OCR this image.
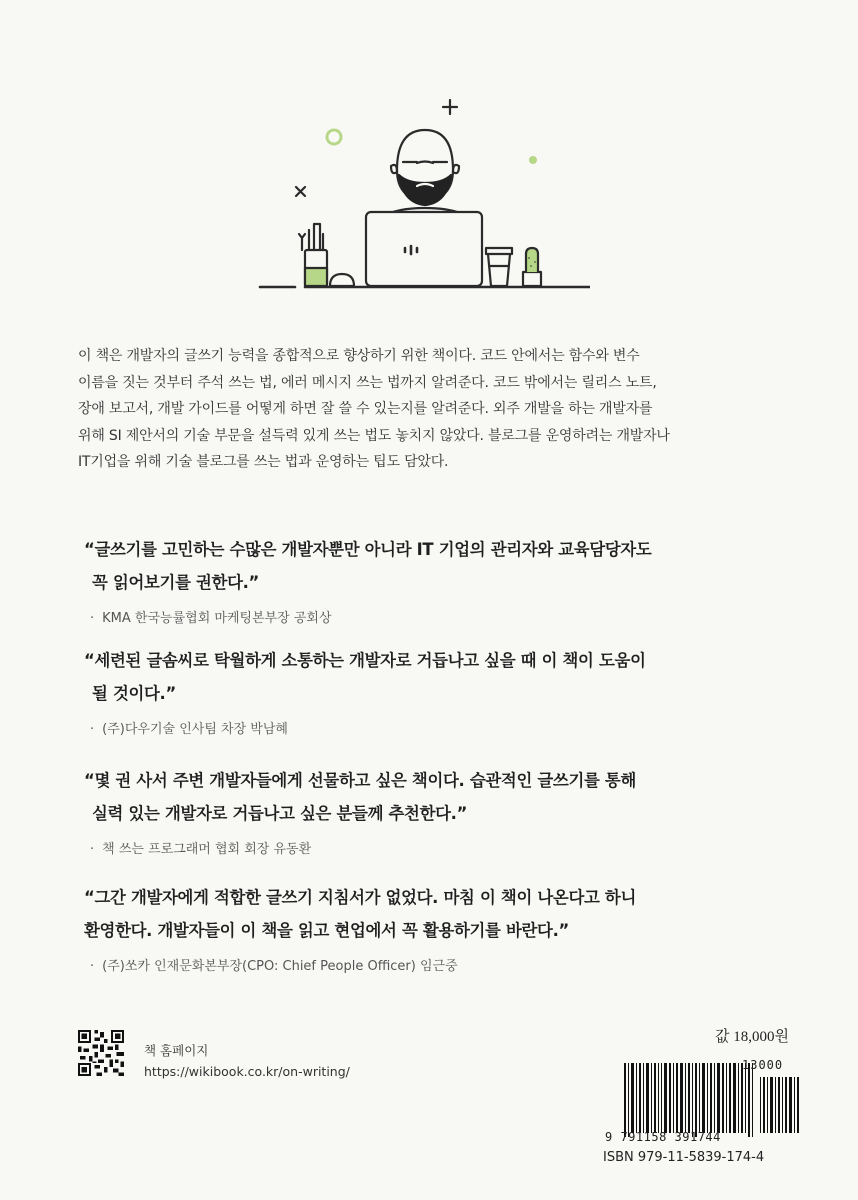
이 책은 개발자의 글쓰기 능력을 종합적으로 향상하기 위한 책이다. 코드 안에서는 함수와 변수
이름을 짓는 것부터 주석 쓰는 법, 에러 메시지 쓰는 법까지 알려준다. 코드 밖에서는 릴리스 노트,
장애 보고서, 개발 가이드를 어떻게 하면 잘 쓸 수 있는지를 알려준다. 외주 개발을 하는 개발자를
위해 SI 제안서의 기술 부문을 설득력 있게 쓰는 법도 놓치지 않았다. 블로그를 운영하려는 개발자나
IT기업을 위해 기술 블로그를 쓰는 법과 운영하는 팁도 담았다.
“글쓰기를 고민하는 수많은 개발자뿐만 아니라 IT 기업의 관리자와 교육담당자도
꼭 읽어보기를 권한다.”
· KMA 한국능률협회 마케팅본부장 공회상
“세련된 글솜씨로 탁월하게 소통하는 개발자로 거듭나고 싶을 때 이 책이 도움이
될 것이다.”
· (주)다우기술 인사팀 차장 박남혜
“몇 권 사서 주변 개발자들에게 선물하고 싶은 책이다. 습관적인 글쓰기를 통해
실력 있는 개발자로 거듭나고 싶은 분들께 추천한다.”
· 책 쓰는 프로그래머 협회 회장 유동환
“그간 개발자에게 적합한 글쓰기 지침서가 없었다. 마침 이 책이 나온다고 하니
환영한다. 개발자들이 이 책을 읽고 현업에서 꼭 활용하기를 바란다.”
· (주)쏘카 인재문화본부장(CPO: Chief People Officer) 임근중
책 홈페이지
https://wikibook.co.kr/on-writing/
값 18,000원
13000
9 791158 391744
ISBN 979-11-5839-174-4
